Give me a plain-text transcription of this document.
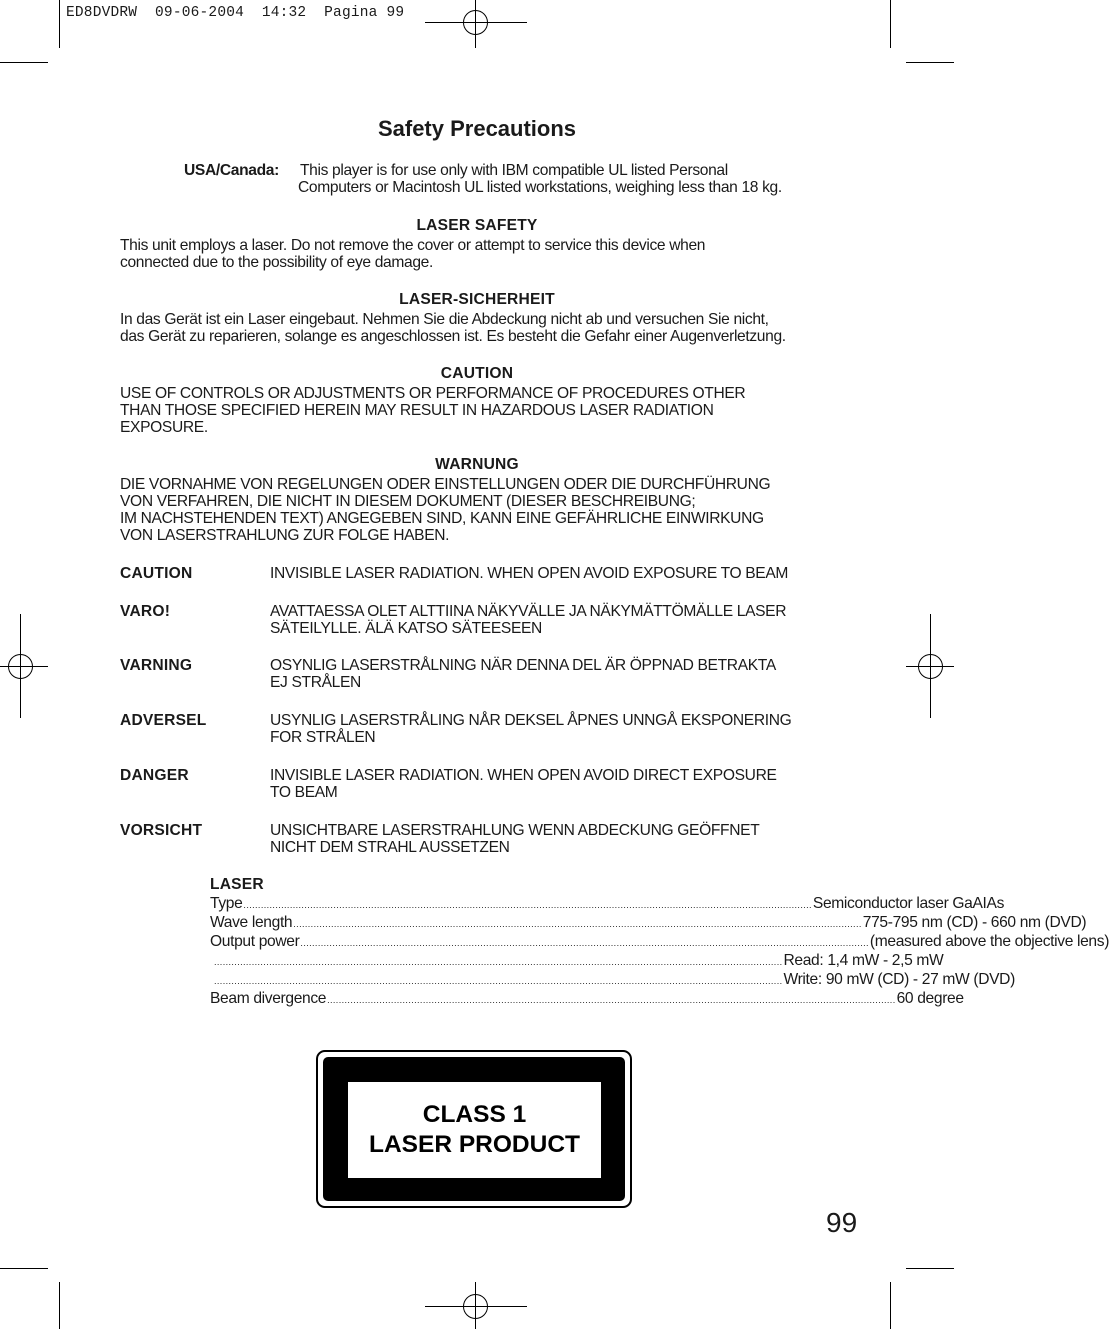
ED8DVDRW  09-06-2004  14:32  Pagina 99
Safety Precautions
USA/Canada: This player is for use only with IBM compatible UL listed Personal
Computers or Macintosh UL listed workstations, weighing less than 18 kg.
LASER SAFETY
This unit employs a laser. Do not remove the cover or attempt to service this device when
connected due to the possibility of eye damage.
LASER-SICHERHEIT
In das Gerät ist ein Laser eingebaut. Nehmen Sie die Abdeckung nicht ab und versuchen Sie nicht,
das Gerät zu reparieren, solange es angeschlossen ist. Es besteht die Gefahr einer Augenverletzung.
CAUTION
USE OF CONTROLS OR ADJUSTMENTS OR PERFORMANCE OF PROCEDURES OTHER
THAN THOSE SPECIFIED HEREIN MAY RESULT IN HAZARDOUS LASER RADIATION
EXPOSURE.
WARNUNG
DIE VORNAHME VON REGELUNGEN ODER EINSTELLUNGEN ODER DIE DURCHFÜHRUNG
VON VERFAHREN, DIE NICHT IN DIESEM DOKUMENT (DIESER BESCHREIBUNG;
IM NACHSTEHENDEN TEXT) ANGEGEBEN SIND, KANN EINE GEFÄHRLICHE EINWIRKUNG
VON LASERSTRAHLUNG ZUR FOLGE HABEN.
CAUTION	INVISIBLE LASER RADIATION. WHEN OPEN AVOID EXPOSURE TO BEAM
VARO!	AVATTAESSA OLET ALTTIINA NÄKYVÄLLE JA NÄKYMÄTTÖMÄLLE LASER
SÄTEILYLLE. ÄLÄ KATSO SÄTEESEEN
VARNING	OSYNLIG LASERSTRÅLNING NÄR DENNA DEL ÄR ÖPPNAD BETRAKTA
EJ STRÅLEN
ADVERSEL	USYNLIG LASERSTRÅLING NÅR DEKSEL ÅPNES UNNGÅ EKSPONERING
FOR STRÅLEN
DANGER	INVISIBLE LASER RADIATION. WHEN OPEN AVOID DIRECT EXPOSURE
TO BEAM
VORSICHT	UNSICHTBARE LASERSTRAHLUNG WENN ABDECKUNG GEÖFFNET
NICHT DEM STRAHL AUSSETZEN
LASER
Type .................................................................................................................................................................................................... Semiconductor laser GaAIAs
Wave length .................................................................................................................................................................................................... 775-795 nm (CD) - 660 nm (DVD)
Output power .................................................................................................................................................................................................... (measured above the objective lens)
.................................................................................................................................................................................................... Read: 1,4 mW - 2,5 mW
.................................................................................................................................................................................................... Write: 90 mW (CD) - 27 mW (DVD)
Beam divergence .................................................................................................................................................................................................... 60 degree
CLASS 1
LASER PRODUCT
99
